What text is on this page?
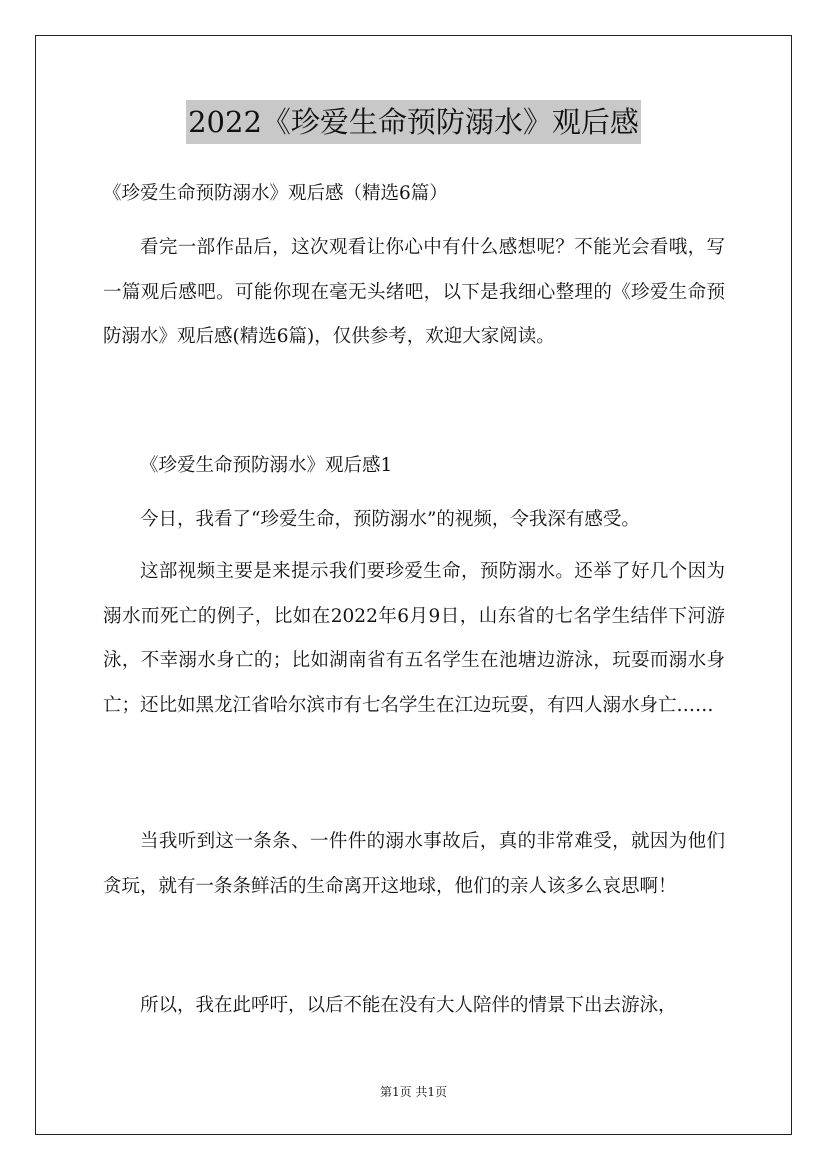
2022《珍爱生命预防溺水》观后感
《珍爱生命预防溺水》观后感（精选6篇）

看完一部作品后，这次观看让你心中有什么感想呢？不能光会看哦，写一篇观后感吧。可能你现在毫无头绪吧，以下是我细心整理的《珍爱生命预防溺水》观后感(精选6篇)，仅供参考，欢迎大家阅读。

《珍爱生命预防溺水》观后感1

今日，我看了“珍爱生命，预防溺水”的视频，令我深有感受。

这部视频主要是来提示我们要珍爱生命，预防溺水。还举了好几个因为溺水而死亡的例子，比如在2022年6月9日，山东省的七名学生结伴下河游泳，不幸溺水身亡的；比如湖南省有五名学生在池塘边游泳，玩耍而溺水身亡；还比如黑龙江省哈尔滨市有七名学生在江边玩耍，有四人溺水身亡……

当我听到这一条条、一件件的溺水事故后，真的非常难受，就因为他们贪玩，就有一条条鲜活的生命离开这地球，他们的亲人该多么哀思啊！

所以，我在此呼吁，以后不能在没有大人陪伴的情景下出去游泳，

第1页 共1页
